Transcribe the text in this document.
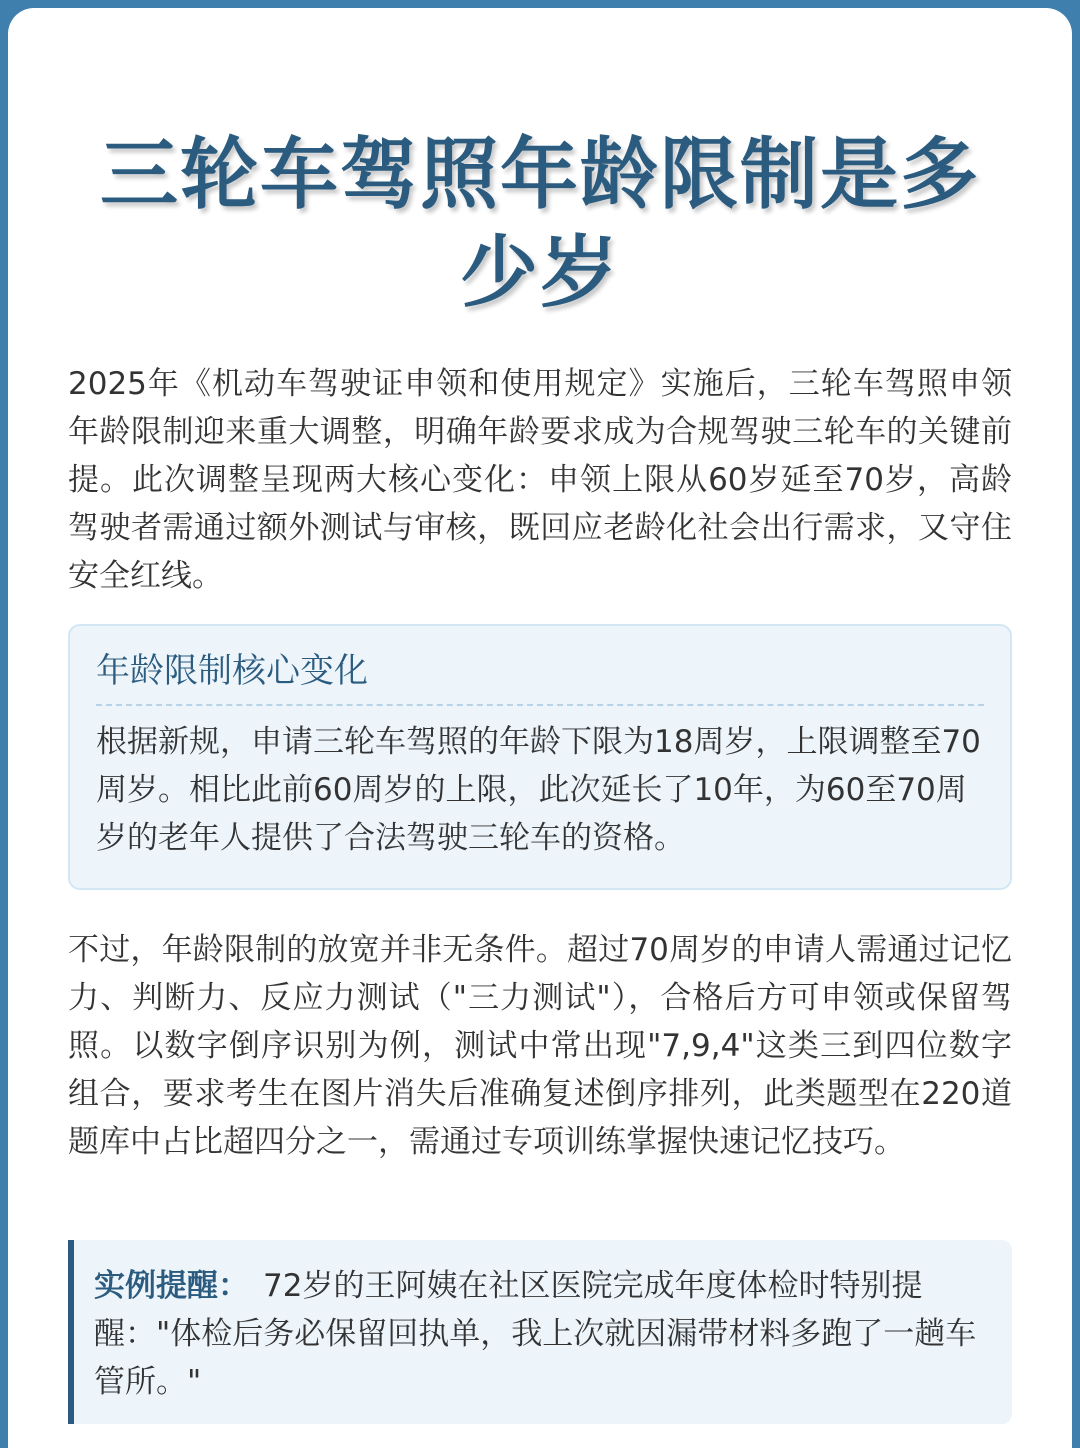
三轮车驾照年龄限制是多少岁

2025年《机动车驾驶证申领和使用规定》实施后，三轮车驾照申领年龄限制迎来重大调整，明确年龄要求成为合规驾驶三轮车的关键前提。此次调整呈现两大核心变化：申领上限从60岁延至70岁，高龄驾驶者需通过额外测试与审核，既回应老龄化社会出行需求，又守住安全红线。

年龄限制核心变化

根据新规，申请三轮车驾照的年龄下限为18周岁，上限调整至70周岁。相比此前60周岁的上限，此次延长了10年，为60至70周岁的老年人提供了合法驾驶三轮车的资格。

不过，年龄限制的放宽并非无条件。超过70周岁的申请人需通过记忆力、判断力、反应力测试（"三力测试"），合格后方可申领或保留驾照。以数字倒序识别为例，测试中常出现"7,9,4"这类三到四位数字组合，要求考生在图片消失后准确复述倒序排列，此类题型在220道题库中占比超四分之一，需通过专项训练掌握快速记忆技巧。

实例提醒： 72岁的王阿姨在社区医院完成年度体检时特别提醒："体检后务必保留回执单，我上次就因漏带材料多跑了一趟车管所。"
